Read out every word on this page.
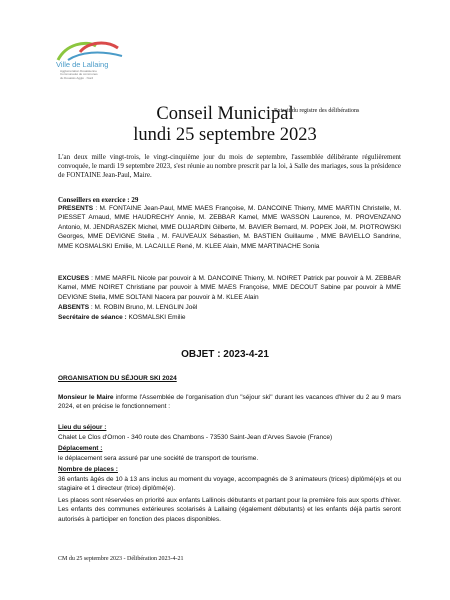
Ville de Lallaing
Agglomération Douaisienne
Communauté de communes
du Douaisis Agglo · Nord
Extrait du registre des délibérations
Conseil Municipal
lundi 25 septembre 2023
L'an deux mille vingt-trois, le vingt-cinquième jour du mois de septembre, l'assemblée délibérante régulièrement convoquée, le mardi 19 septembre 2023, s'est réunie au nombre prescrit par la loi, à Salle des mariages, sous la présidence de FONTAINE Jean-Paul, Maire.
Conseillers en exercice : 29
PRESENTS : M. FONTAINE Jean-Paul, MME MAES Françoise, M. DANCOINE Thierry, MME MARTIN Christelle, M. PIESSET Arnaud, MME HAUDRECHY Annie, M. ZEBBAR Kamel, MME WASSON Laurence, M. PROVENZANO Antonio, M. JENDRASZEK Michel, MME DUJARDIN Gilberte, M. BAVIER Bernard, M. POPEK Joël, M. PIOTROWSKI Georges, MME DEVIGNE Stella , M. FAUVEAUX Sébastien, M. BASTIEN Guillaume , MME BAVIELLO Sandrine, MME KOSMALSKI Emilie, M. LACAILLE René, M. KLEE Alain, MME MARTINACHE Sonia
EXCUSES : MME MARFIL Nicole par pouvoir à M. DANCOINE Thierry, M. NOIRET Patrick par pouvoir à M. ZEBBAR Kamel, MME NOIRET Christiane par pouvoir à MME MAES Françoise, MME DECOUT Sabine par pouvoir à MME DEVIGNE Stella, MME SOLTANI Nacera par pouvoir à M. KLEE Alain
ABSENTS : M. ROBIN Bruno, M. LENGLIN Joël
Secrétaire de séance : KOSMALSKI Emilie
OBJET : 2023-4-21
ORGANISATION DU SÉJOUR SKI 2024
Monsieur le Maire informe l'Assemblée de l'organisation d'un "séjour ski" durant les vacances d'hiver du 2 au 9 mars 2024, et en précise le fonctionnement :
Lieu du séjour :
Chalet Le Clos d'Ornon - 340 route des Chambons - 73530 Saint-Jean d'Arves Savoie (France)
Déplacement :
le déplacement sera assuré par une société de transport de tourisme.
Nombre de places :
36 enfants âgés de 10 à 13 ans inclus au moment du voyage, accompagnés de 3 animateurs (trices) diplômé(e)s et ou stagiaire et 1 directeur (trice) diplômé(e).
Les places sont réservées en priorité aux enfants Lallinois débutants et partant pour la première fois aux sports d'hiver. Les enfants des communes extérieures scolarisés à Lallaing (également débutants) et les enfants déjà partis seront autorisés à participer en fonction des places disponibles.
CM du 25 septembre 2023 - Délibération 2023-4-21
